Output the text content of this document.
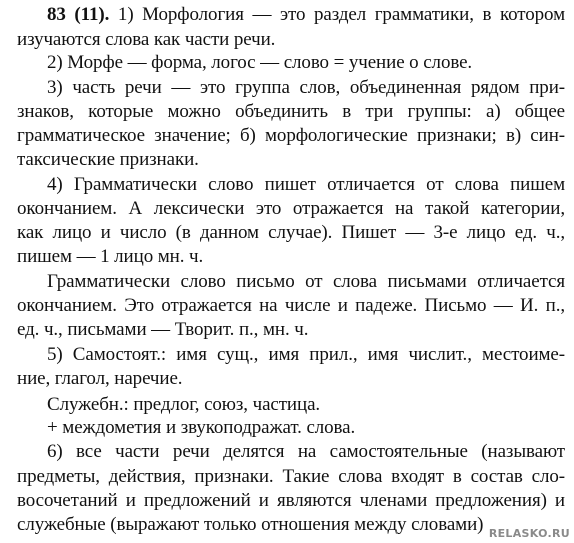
83 (11). 1) Морфология — это раздел грамматики, в котором
изучаются слова как части речи.
2) Морфе — форма, логос — слово = учение о слове.
3) часть речи — это группа слов, объединенная рядом при-
знаков, которые можно объединить в три группы: а) общее
грамматическое значение; б) морфологические признаки; в) син-
таксические признаки.
4) Грамматически слово пишет отличается от слова пишем
окончанием. А лексически это отражается на такой категории,
как лицо и число (в данном случае). Пишет — 3-е лицо ед. ч.,
пишем — 1 лицо мн. ч.
Грамматически слово письмо от слова письмами отличается
окончанием. Это отражается на числе и падеже. Письмо — И. п.,
ед. ч., письмами — Творит. п., мн. ч.
5) Самостоят.: имя сущ., имя прил., имя числит., местоиме-
ние, глагол, наречие.
Служебн.: предлог, союз, частица.
+ междометия и звукоподражат. слова.
6) все части речи делятся на самостоятельные (называют
предметы, действия, признаки. Такие слова входят в состав сло-
восочетаний и предложений и являются членами предложения) и
служебные (выражают только отношения между словами) RELASKO.RU
